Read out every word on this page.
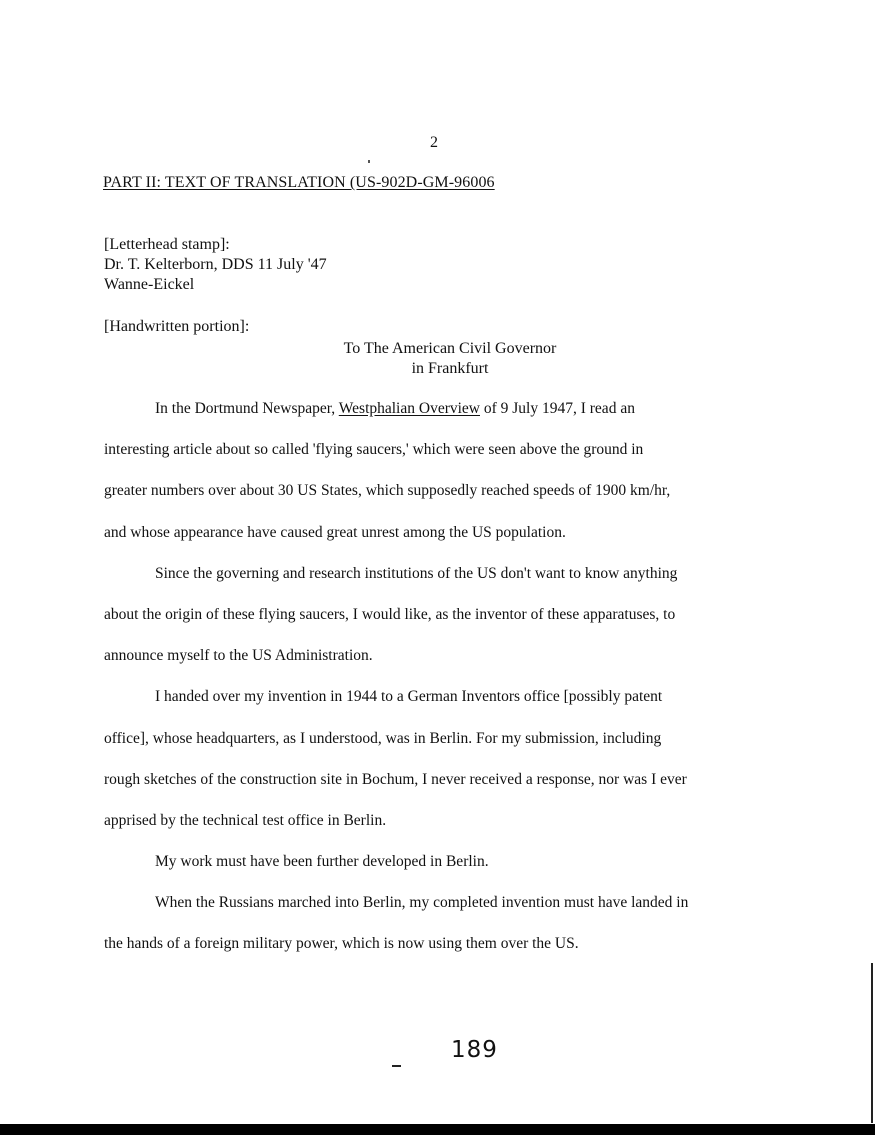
2
PART II: TEXT OF TRANSLATION (US-902D-GM-96006
[Letterhead stamp]:
Dr. T. Kelterborn, DDS 11 July '47
Wanne-Eickel
[Handwritten portion]:
To The American Civil Governor
in Frankfurt
In the Dortmund Newspaper, Westphalian Overview of 9 July 1947, I read an
interesting article about so called 'flying saucers,' which were seen above the ground in
greater numbers over about 30 US States, which supposedly reached speeds of 1900 km/hr,
and whose appearance have caused great unrest among the US population.
Since the governing and research institutions of the US don't want to know anything
about the origin of these flying saucers, I would like, as the inventor of these apparatuses, to
announce myself to the US Administration.
I handed over my invention in 1944 to a German Inventors office [possibly patent
office], whose headquarters, as I understood, was in Berlin. For my submission, including
rough sketches of the construction site in Bochum, I never received a response, nor was I ever
apprised by the technical test office in Berlin.
My work must have been further developed in Berlin.
When the Russians marched into Berlin, my completed invention must have landed in
the hands of a foreign military power, which is now using them over the US.
189
